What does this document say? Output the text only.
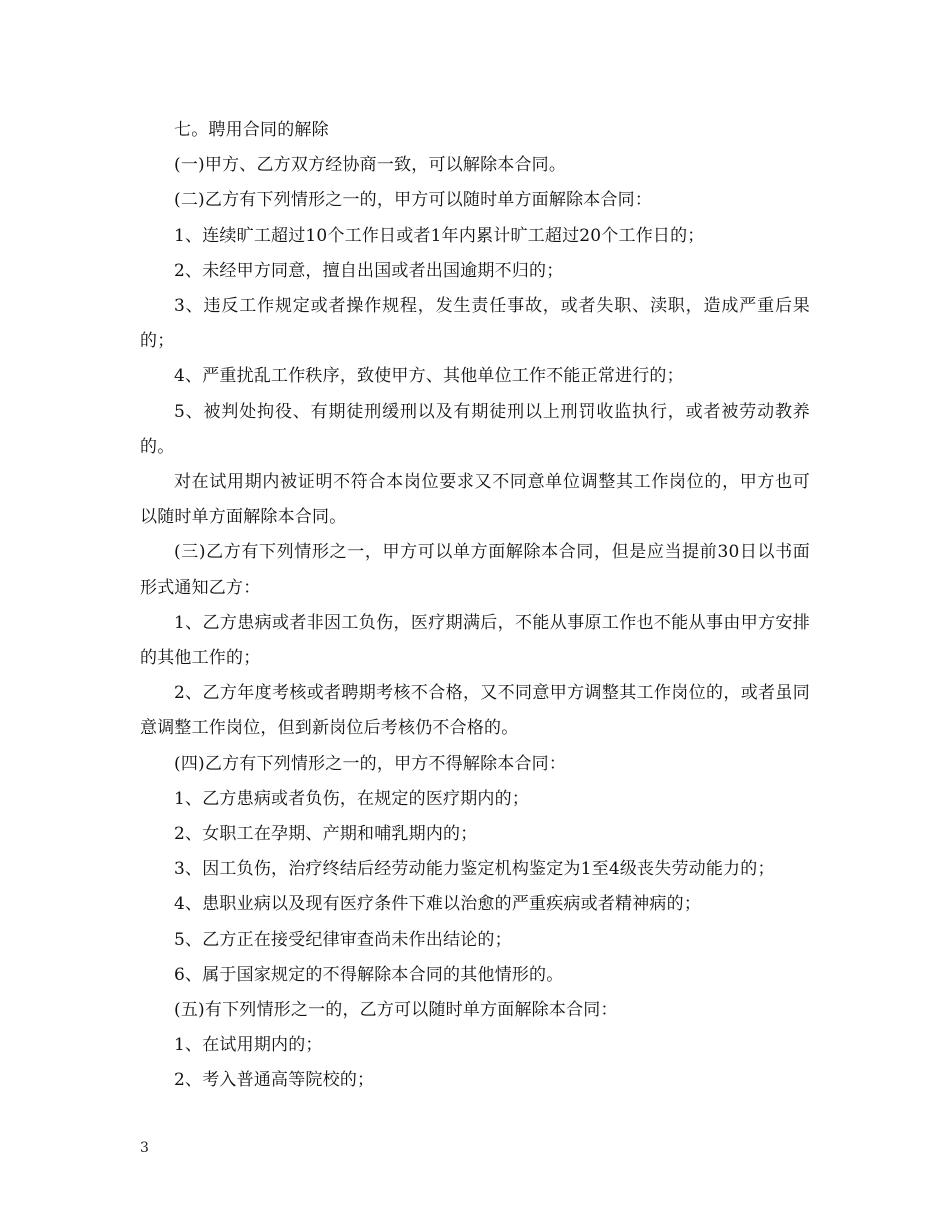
七。聘用合同的解除

(一)甲方、乙方双方经协商一致，可以解除本合同。

(二)乙方有下列情形之一的，甲方可以随时单方面解除本合同：

1、连续旷工超过10个工作日或者1年内累计旷工超过20个工作日的；

2、未经甲方同意，擅自出国或者出国逾期不归的；

3、违反工作规定或者操作规程，发生责任事故，或者失职、渎职，造成严重后果的；

4、严重扰乱工作秩序，致使甲方、其他单位工作不能正常进行的；

5、被判处拘役、有期徒刑缓刑以及有期徒刑以上刑罚收监执行，或者被劳动教养的。

对在试用期内被证明不符合本岗位要求又不同意单位调整其工作岗位的，甲方也可以随时单方面解除本合同。

(三)乙方有下列情形之一，甲方可以单方面解除本合同，但是应当提前30日以书面形式通知乙方：

1、乙方患病或者非因工负伤，医疗期满后，不能从事原工作也不能从事由甲方安排的其他工作的；

2、乙方年度考核或者聘期考核不合格，又不同意甲方调整其工作岗位的，或者虽同意调整工作岗位，但到新岗位后考核仍不合格的。

(四)乙方有下列情形之一的，甲方不得解除本合同：

1、乙方患病或者负伤，在规定的医疗期内的；

2、女职工在孕期、产期和哺乳期内的；

3、因工负伤，治疗终结后经劳动能力鉴定机构鉴定为1至4级丧失劳动能力的；

4、患职业病以及现有医疗条件下难以治愈的严重疾病或者精神病的；

5、乙方正在接受纪律审查尚未作出结论的；

6、属于国家规定的不得解除本合同的其他情形的。

(五)有下列情形之一的，乙方可以随时单方面解除本合同：

1、在试用期内的；

2、考入普通高等院校的；

3
